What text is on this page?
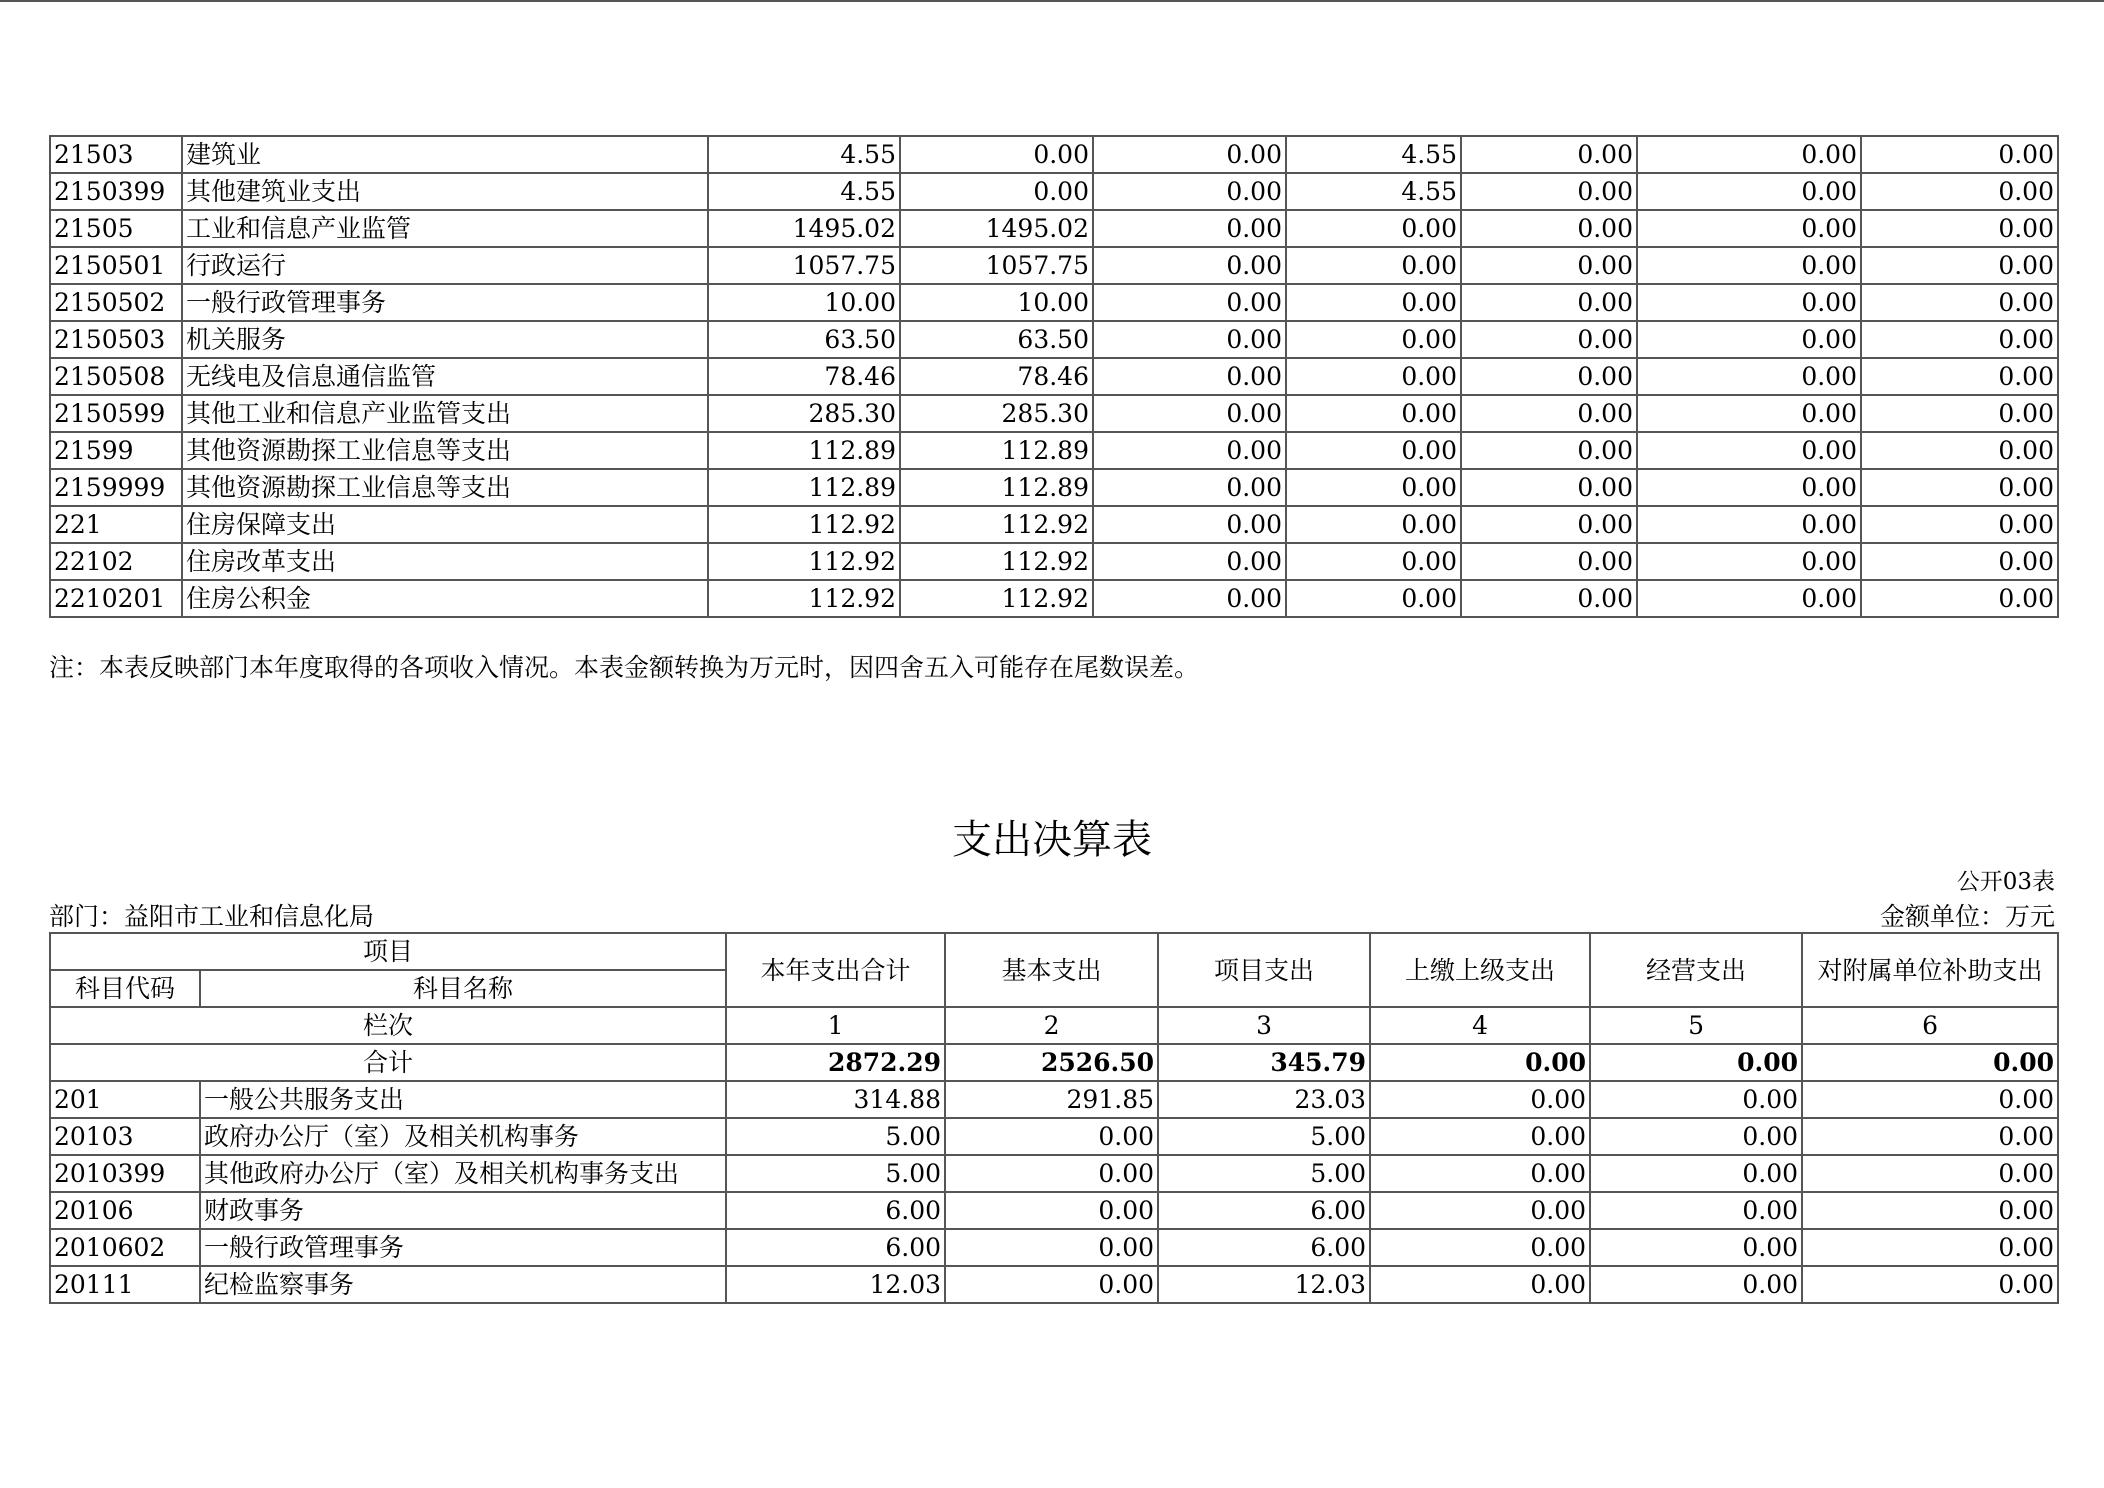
21503	建筑业	4.55	0.00	0.00	4.55	0.00	0.00	0.00
2150399	其他建筑业支出	4.55	0.00	0.00	4.55	0.00	0.00	0.00
21505	工业和信息产业监管	1495.02	1495.02	0.00	0.00	0.00	0.00	0.00
2150501	行政运行	1057.75	1057.75	0.00	0.00	0.00	0.00	0.00
2150502	一般行政管理事务	10.00	10.00	0.00	0.00	0.00	0.00	0.00
2150503	机关服务	63.50	63.50	0.00	0.00	0.00	0.00	0.00
2150508	无线电及信息通信监管	78.46	78.46	0.00	0.00	0.00	0.00	0.00
2150599	其他工业和信息产业监管支出	285.30	285.30	0.00	0.00	0.00	0.00	0.00
21599	其他资源勘探工业信息等支出	112.89	112.89	0.00	0.00	0.00	0.00	0.00
2159999	其他资源勘探工业信息等支出	112.89	112.89	0.00	0.00	0.00	0.00	0.00
221	住房保障支出	112.92	112.92	0.00	0.00	0.00	0.00	0.00
22102	住房改革支出	112.92	112.92	0.00	0.00	0.00	0.00	0.00
2210201	住房公积金	112.92	112.92	0.00	0.00	0.00	0.00	0.00
注：本表反映部门本年度取得的各项收入情况。本表金额转换为万元时，因四舍五入可能存在尾数误差。
支出决算表
公开03表
部门：益阳市工业和信息化局	金额单位：万元
项目		本年支出合计	基本支出	项目支出	上缴上级支出	经营支出	对附属单位补助支出
科目代码	科目名称						
栏次		1	2	3	4	5	6
合计		2872.29	2526.50	345.79	0.00	0.00	0.00
201	一般公共服务支出	314.88	291.85	23.03	0.00	0.00	0.00
20103	政府办公厅（室）及相关机构事务	5.00	0.00	5.00	0.00	0.00	0.00
2010399	其他政府办公厅（室）及相关机构事务支出	5.00	0.00	5.00	0.00	0.00	0.00
20106	财政事务	6.00	0.00	6.00	0.00	0.00	0.00
2010602	一般行政管理事务	6.00	0.00	6.00	0.00	0.00	0.00
20111	纪检监察事务	12.03	0.00	12.03	0.00	0.00	0.00
